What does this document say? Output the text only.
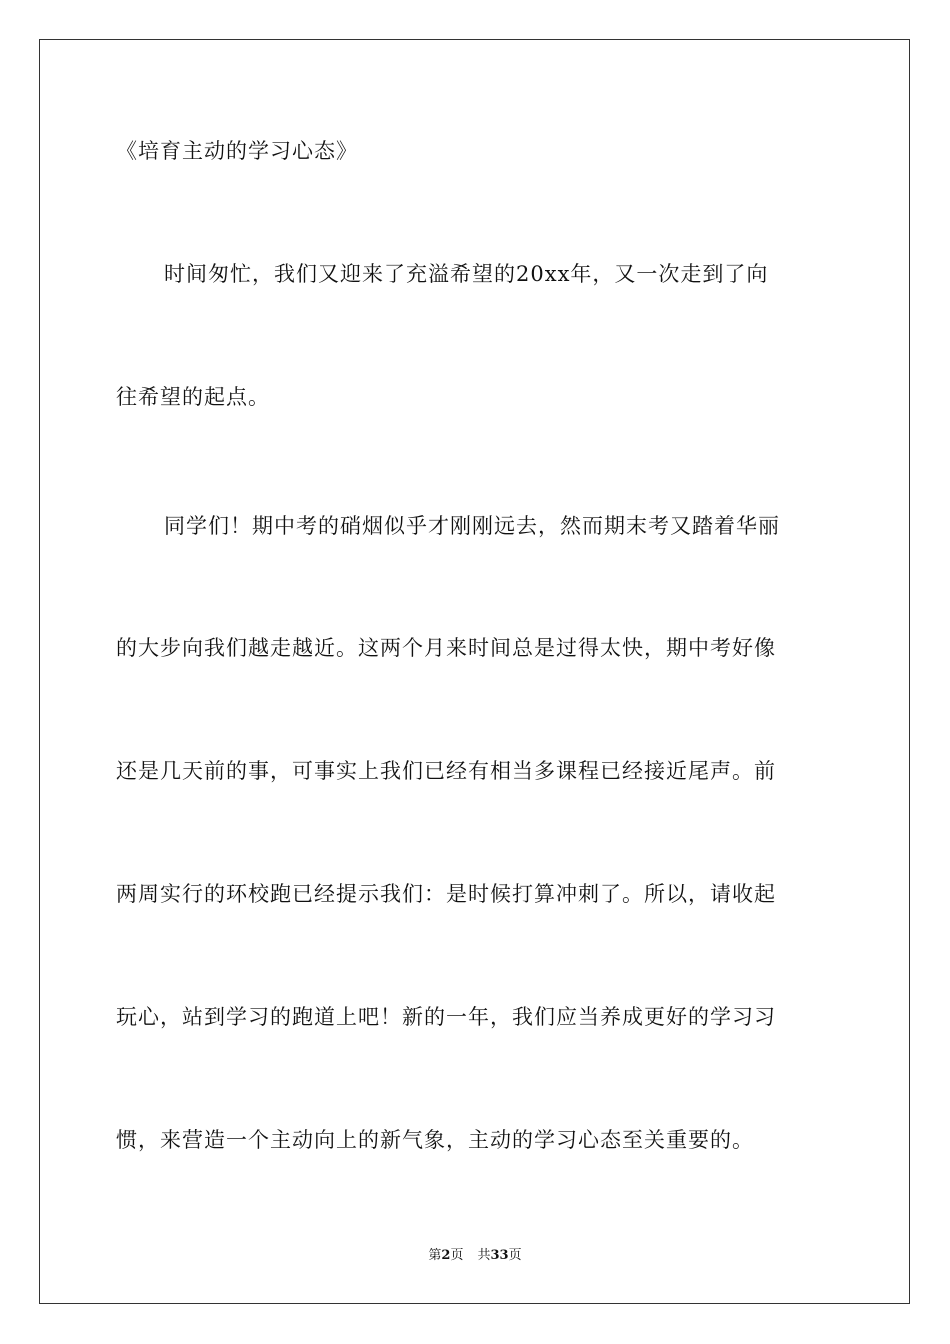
《培育主动的学习心态》
时间匆忙，我们又迎来了充溢希望的20xx年，又一次走到了向
往希望的起点。
同学们！期中考的硝烟似乎才刚刚远去，然而期末考又踏着华丽
的大步向我们越走越近。这两个月来时间总是过得太快，期中考好像
还是几天前的事，可事实上我们已经有相当多课程已经接近尾声。前
两周实行的环校跑已经提示我们：是时候打算冲刺了。所以，请收起
玩心，站到学习的跑道上吧！新的一年，我们应当养成更好的学习习
惯，来营造一个主动向上的新气象，主动的学习心态至关重要的。
第2页 共33页
